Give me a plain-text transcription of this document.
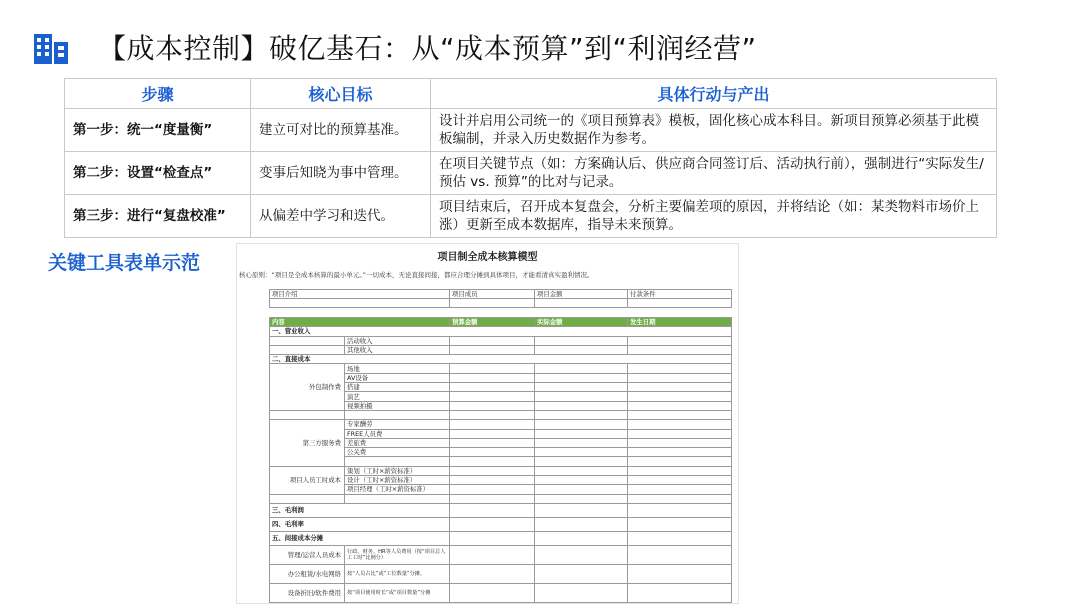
【成本控制】破亿基石：从“成本预算”到“利润经营”
步骤	核心目标	具体行动与产出
第一步：统一“度量衡”	建立可对比的预算基准。	设计并启用公司统一的《项目预算表》模板，固化核心成本科目。新项目预算必须基于此模板编制，并录入历史数据作为参考。
第二步：设置“检查点”	变事后知晓为事中管理。	在项目关键节点（如：方案确认后、供应商合同签订后、活动执行前），强制进行“实际发生/预估 vs. 预算”的比对与记录。
第三步：进行“复盘校准”	从偏差中学习和迭代。	项目结束后，召开成本复盘会，分析主要偏差项的原因，并将结论（如：某类物料市场价上涨）更新至成本数据库，指导未来预算。
关键工具表单示范	项目制全成本核算模型
核心原则：“项目是全成本核算的最小单元。”一切成本，无论直接间接，都应合理分摊到具体项目，才能看清真实盈利情况。
项目介绍	项目成员	项目金额	付款条件

内容		预算金额	实际金额	发生日期
一、营业收入				
	活动收入			
	其他收入			
二、直接成本				
外包制作费	场地			
	AV设备			
	搭建			
	演艺			
	视频拍摄			

第三方服务费	专家酬劳			
	FREE人员费			
	差旅费			
	公关费			

项目人员工时成本	策划（工时×薪资标准）			
	设计（工时×薪资标准）			
	项目经理（工时×薪资标准）			

三、毛利润				
四、毛利率				
五、间接成本分摊				
管理/运营人员成本	行政、财务、HR等人员费用（按“项目总人工工时”比例分）			
办公租赁/水电网络	按“人员占比”或“工位数量”分摊。			
设备折旧/软件费用	按“项目使用时长”或“项目数量”分摊			
